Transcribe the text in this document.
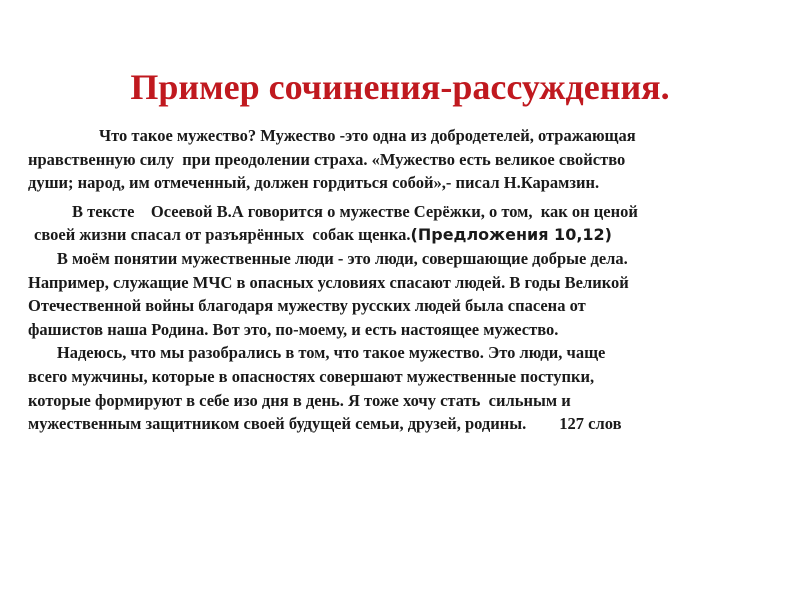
Пример сочинения-рассуждения.
Что такое мужество? Мужество -это одна из добродетелей, отражающая
нравственную силу  при преодолении страха. «Мужество есть великое свойство
души; народ, им отмеченный, должен гордиться собой»,- писал Н.Карамзин.
В тексте    Осеевой В.А говорится о мужестве Серёжки, о том,  как он ценой
своей жизни спасал от разъярённых  собак щенка.(Предложения 10,12)
В моём понятии мужественные люди - это люди, совершающие добрые дела.
Например, служащие МЧС в опасных условиях спасают людей. В годы Великой
Отечественной войны благодаря мужеству русских людей была спасена от
фашистов наша Родина. Вот это, по-моему, и есть настоящее мужество.
Надеюсь, что мы разобрались в том, что такое мужество. Это люди, чаще
всего мужчины, которые в опасностях совершают мужественные поступки,
которые формируют в себе изо дня в день. Я тоже хочу стать  сильным и
мужественным защитником своей будущей семьи, друзей, родины.        127 слов
